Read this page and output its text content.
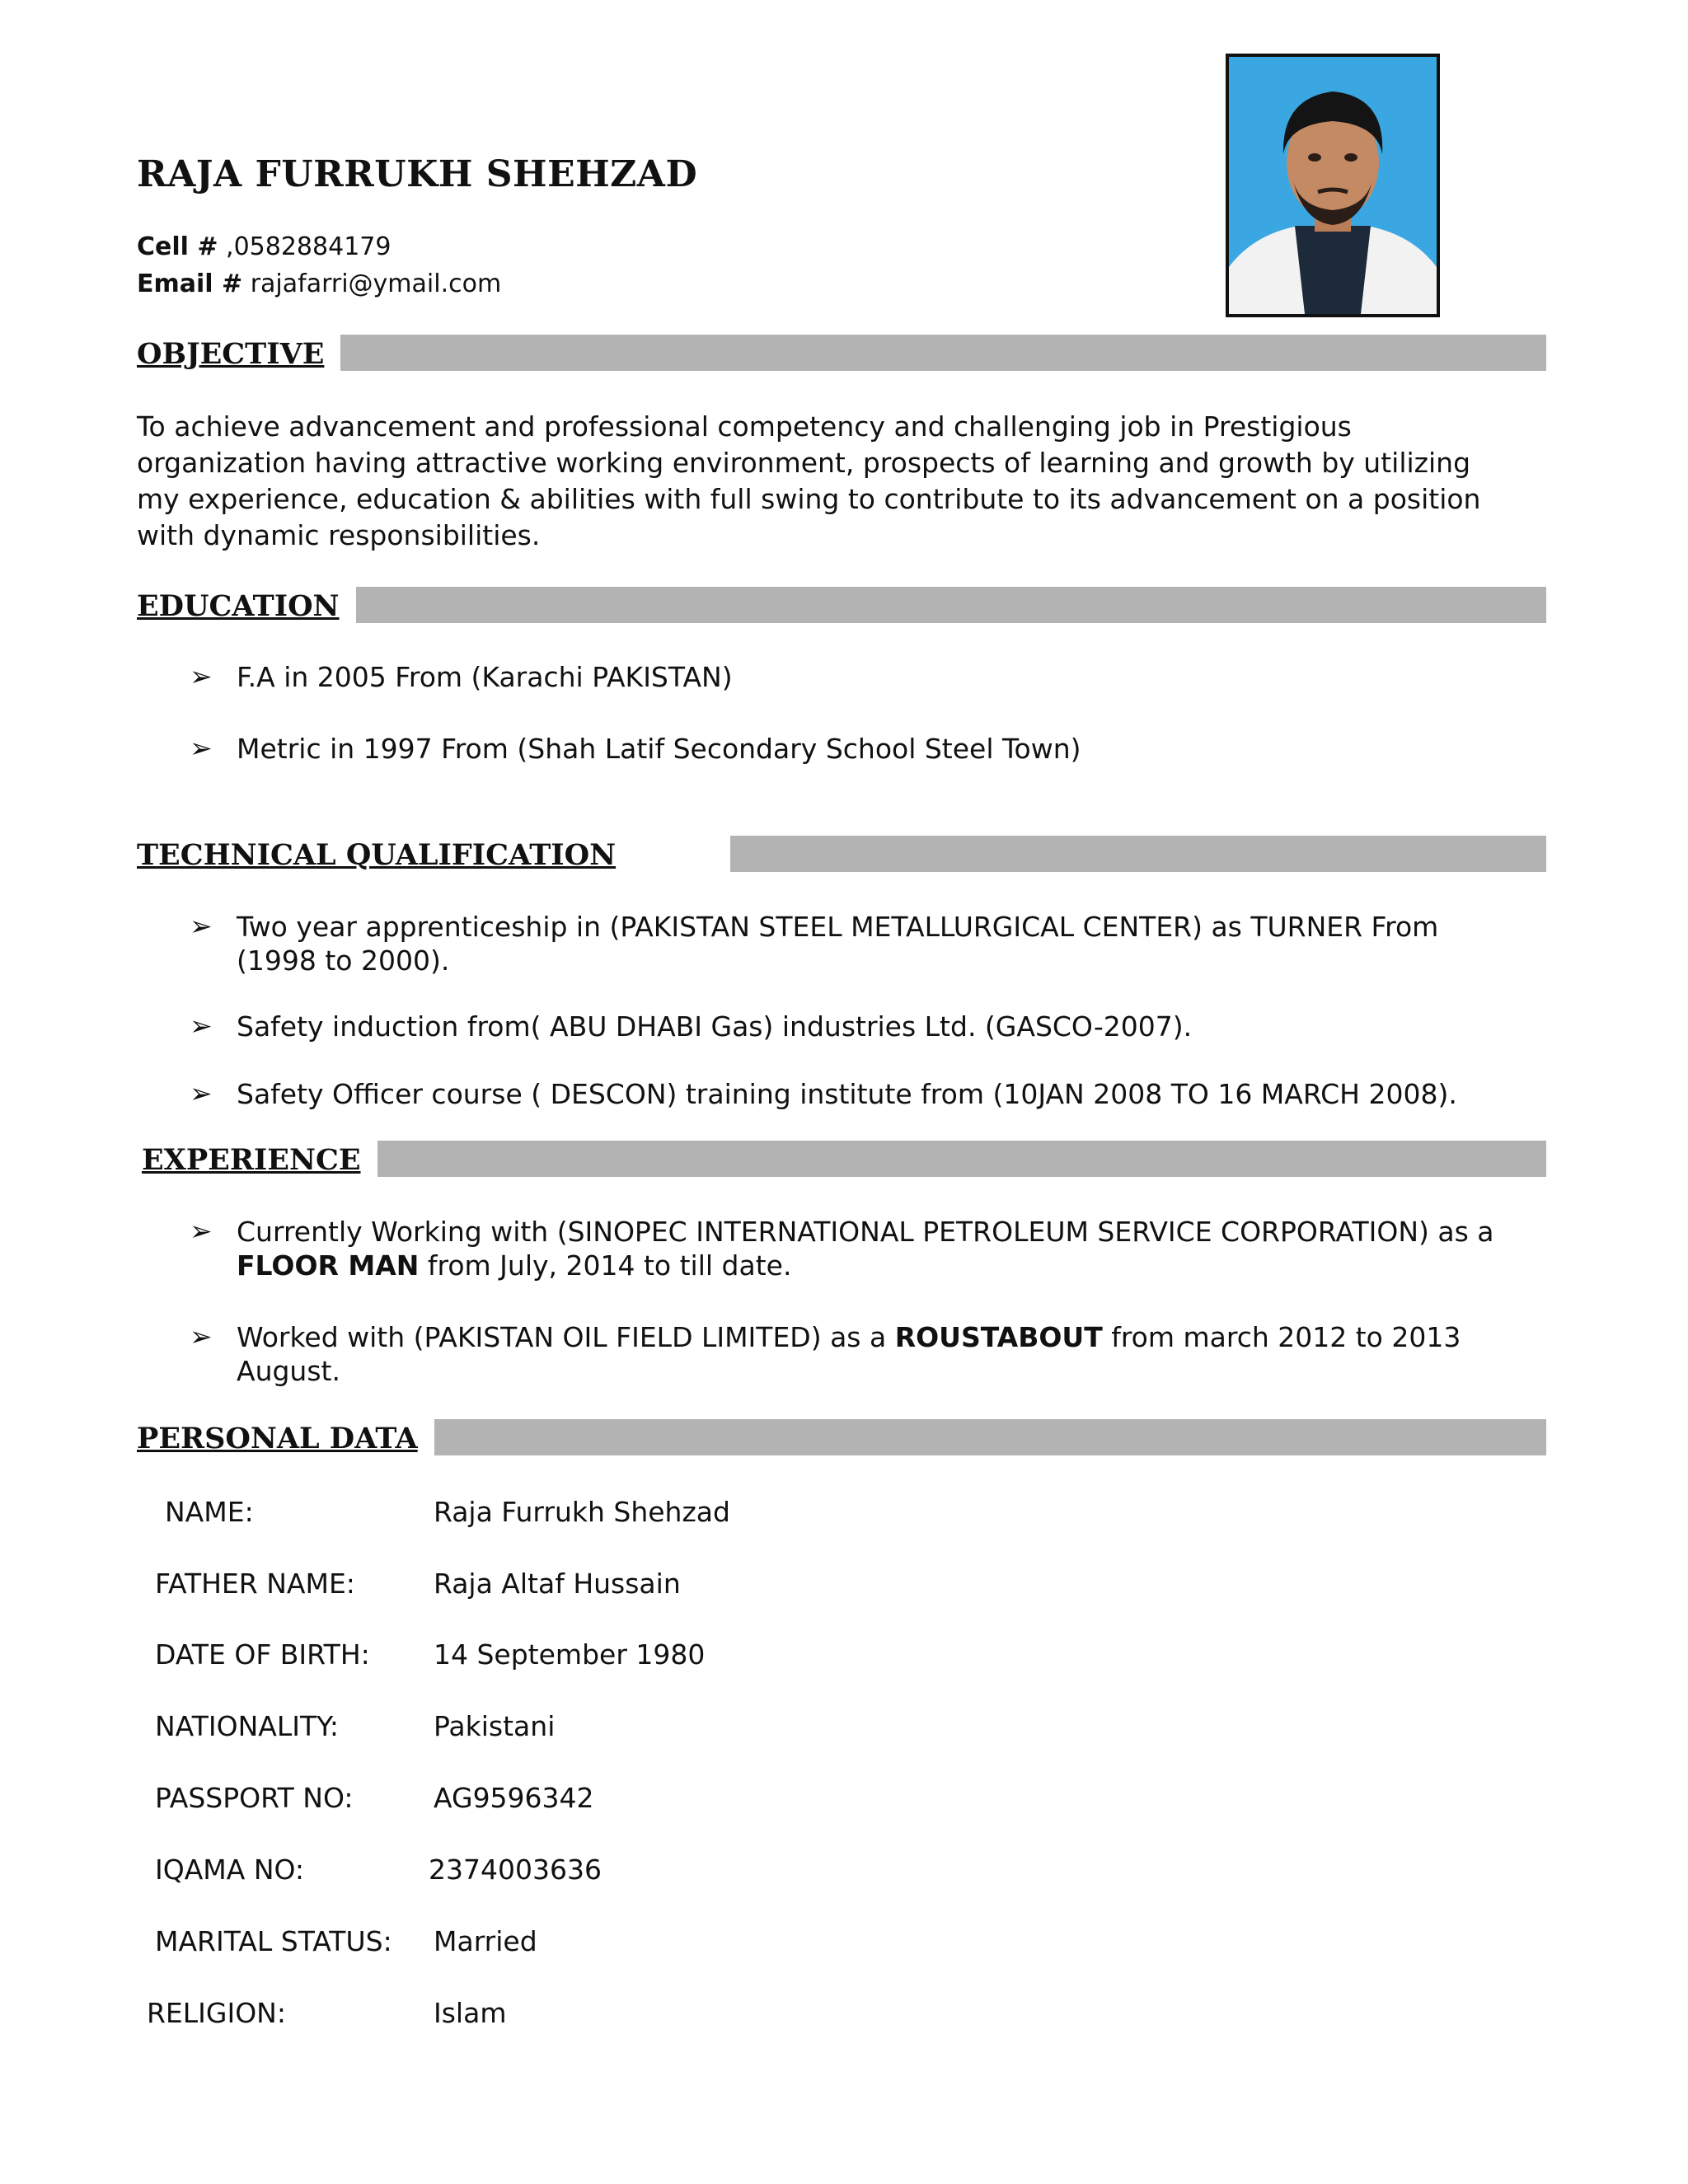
RAJA FURRUKH SHEHZAD
Cell # ,0582884179
Email # rajafarri@ymail.com
OBJECTIVE

To achieve advancement and professional competency and challenging job in Prestigious organization having attractive working environment, prospects of learning and growth by utilizing my experience, education & abilities with full swing to contribute to its advancement on a position with dynamic responsibilities.

EDUCATION
➢ F.A in 2005 From (Karachi PAKISTAN)

➢ Metric in 1997 From (Shah Latif Secondary School Steel Town)

TECHNICAL QUALIFICATION
➢ Two year apprenticeship in (PAKISTAN STEEL METALLURGICAL CENTER) as TURNER From (1998 to 2000).

➢ Safety induction from( ABU DHABI Gas) industries Ltd. (GASCO-2007).

➢ Safety Officer course ( DESCON) training institute from (10JAN 2008 TO 16 MARCH 2008).

EXPERIENCE
➢ Currently Working with (SINOPEC INTERNATIONAL PETROLEUM SERVICE CORPORATION) as a FLOOR MAN from July, 2014 to till date.

➢ Worked with (PAKISTAN OIL FIELD LIMITED) as a ROUSTABOUT from march 2012 to 2013 August.

PERSONAL DATA
NAME:	Raja Furrukh Shehzad
FATHER NAME:	Raja Altaf Hussain
DATE OF BIRTH: 14 September 1980
NATIONALITY:	Pakistani
PASSPORT NO:	AG9596342
IQAMA NO:	2374003636
MARITAL STATUS: Married
RELIGION:	Islam
